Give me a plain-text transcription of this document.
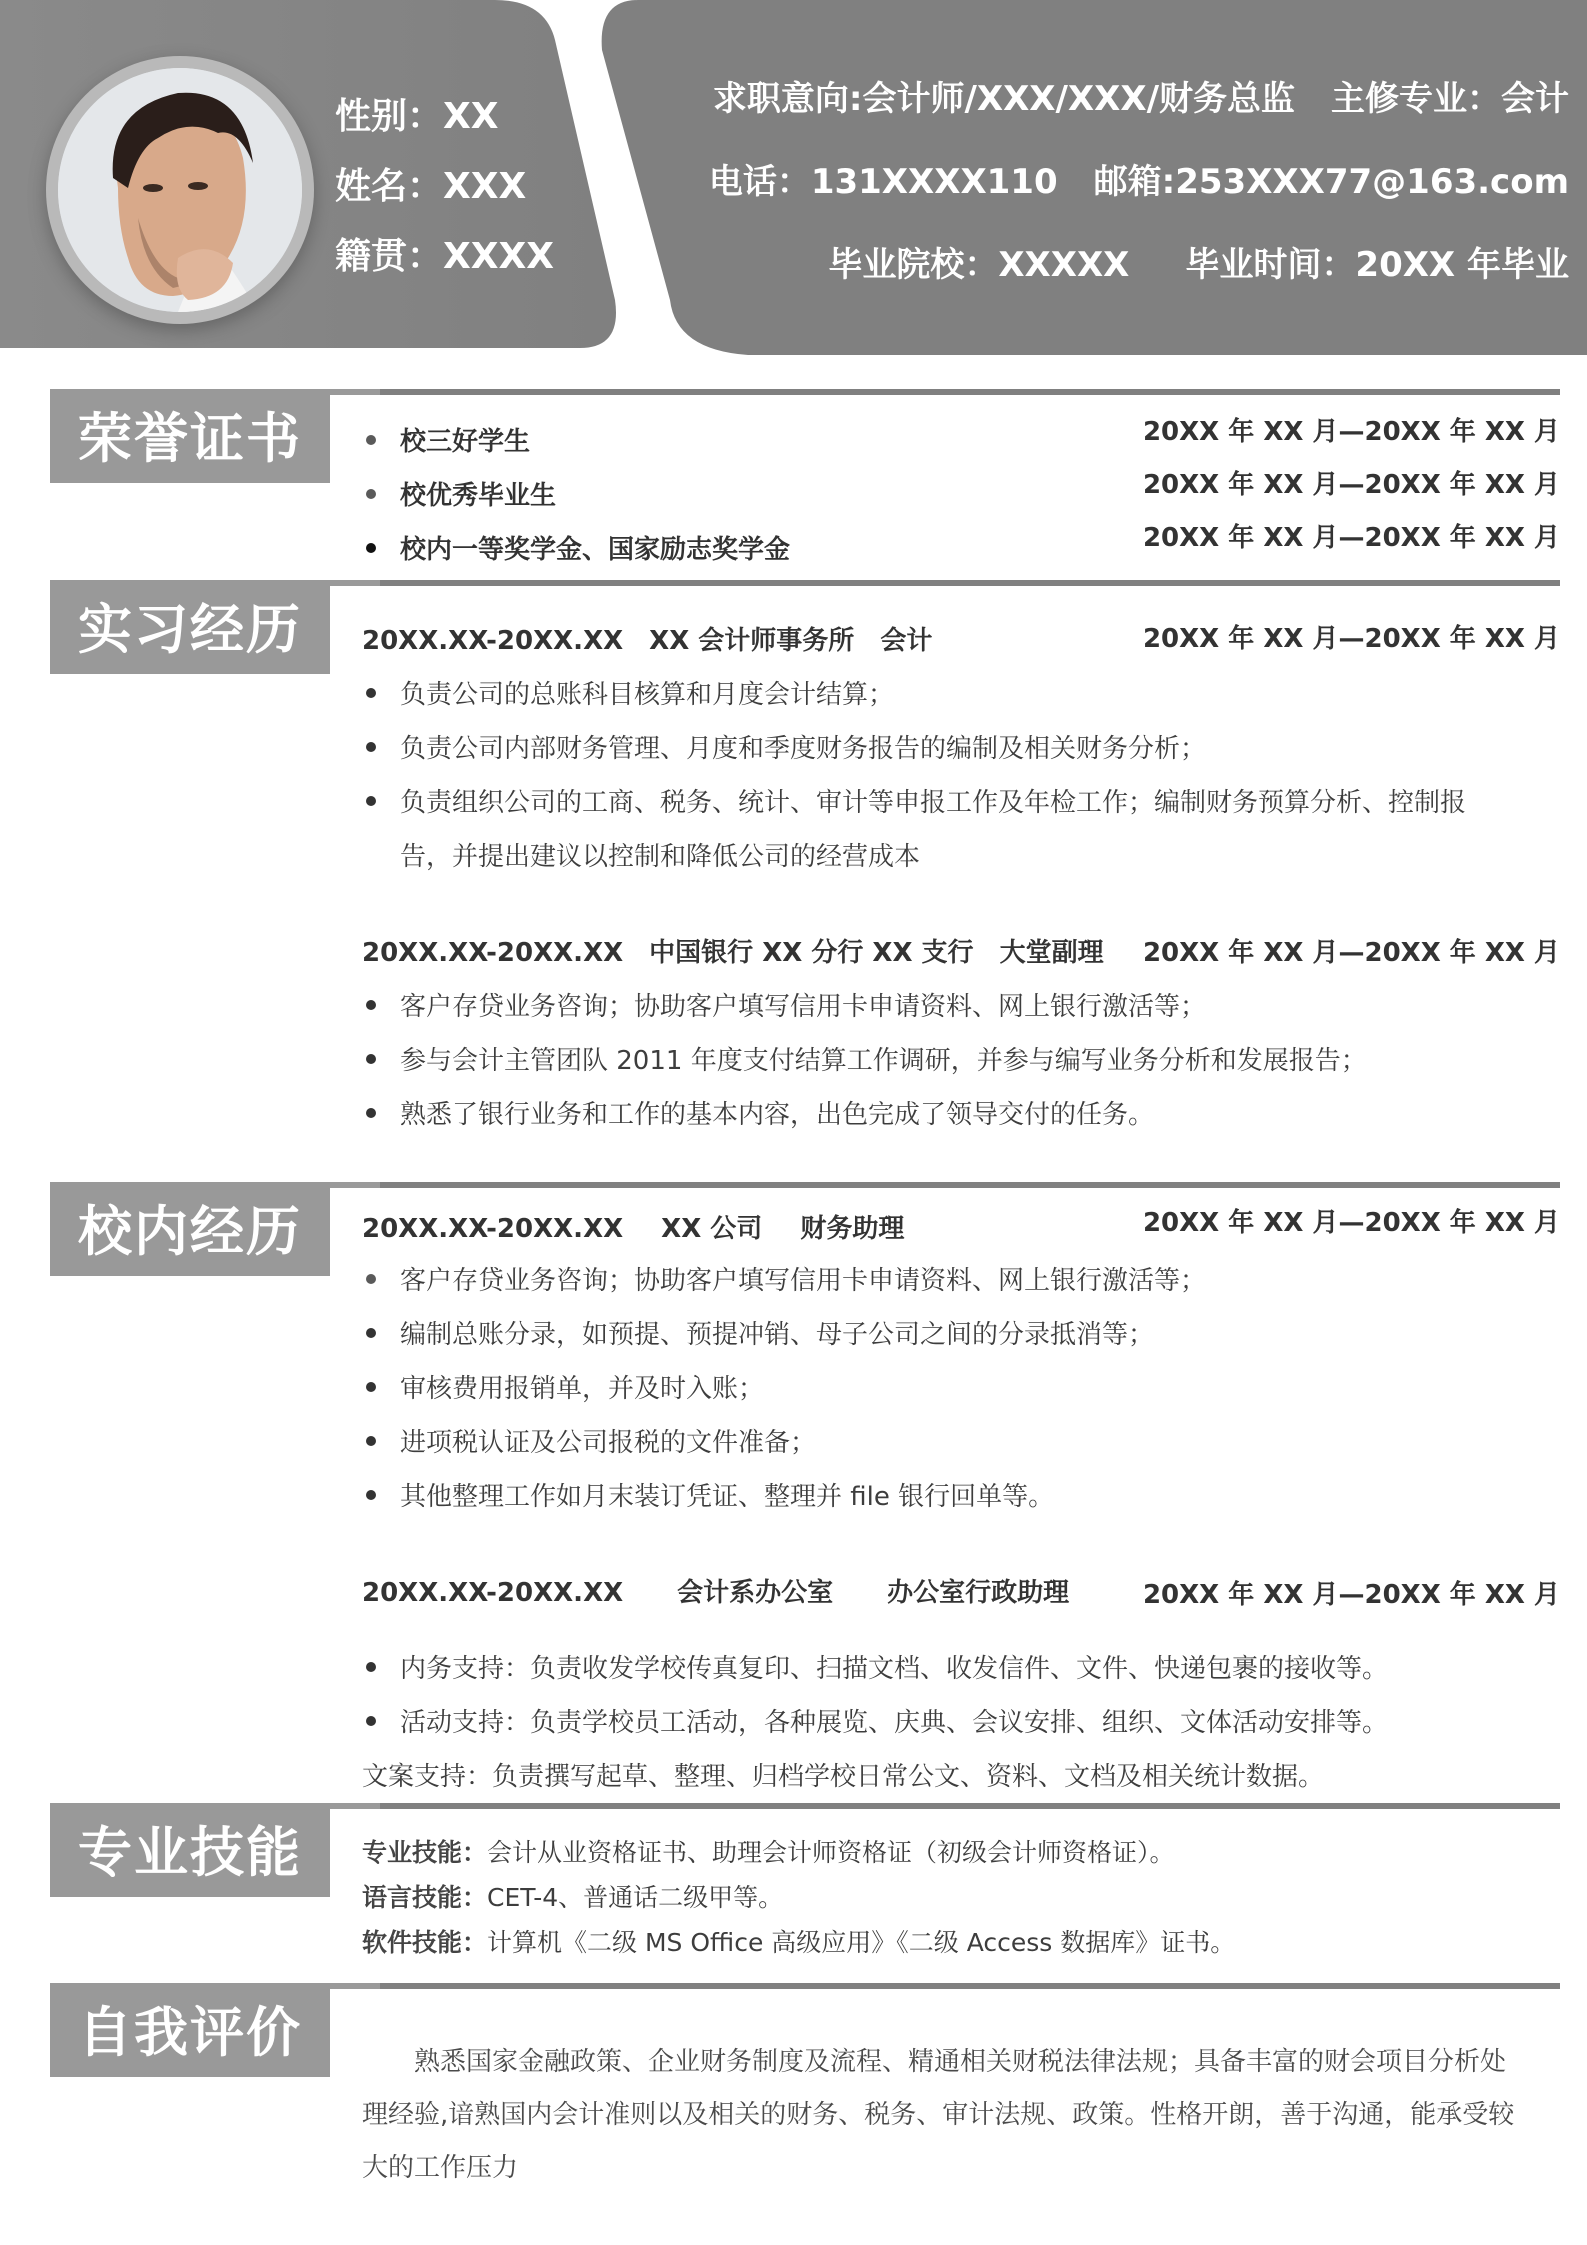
性别：XX
姓名：XXX
籍贯：XXXX
求职意向:会计师/XXX/XXX/财务总监 主修专业：会计
电话：131XXXX110 邮箱:253XXX77@163.com
毕业院校：XXXXX 毕业时间：20XX 年毕业
荣誉证书	校三好学生	20XX 年 XX 月—20XX 年 XX 月
校优秀毕业生	20XX 年 XX 月—20XX 年 XX 月
校内一等奖学金、国家励志奖学金	20XX 年 XX 月—20XX 年 XX 月
实习经历	20XX.XX-20XX.XX XX 会计师事务所 会计	20XX 年 XX 月—20XX 年 XX 月
负责公司的总账科目核算和月度会计结算；
负责公司内部财务管理、月度和季度财务报告的编制及相关财务分析；
负责组织公司的工商、税务、统计、审计等申报工作及年检工作；编制财务预算分析、控制报
告，并提出建议以控制和降低公司的经营成本
20XX.XX-20XX.XX 中国银行 XX 分行 XX 支行 大堂副理 20XX 年 XX 月—20XX 年 XX 月
客户存贷业务咨询；协助客户填写信用卡申请资料、网上银行激活等；
参与会计主管团队 2011 年度支付结算工作调研，并参与编写业务分析和发展报告；
熟悉了银行业务和工作的基本内容，出色完成了领导交付的任务。
校内经历	20XX.XX-20XX.XX XX 公司 财务助理	20XX 年 XX 月—20XX 年 XX 月
客户存贷业务咨询；协助客户填写信用卡申请资料、网上银行激活等；
编制总账分录，如预提、预提冲销、母子公司之间的分录抵消等；
审核费用报销单，并及时入账；
进项税认证及公司报税的文件准备；
其他整理工作如月末装订凭证、整理并 file 银行回单等。
20XX.XX-20XX.XX 会计系办公室 办公室行政助理	20XX 年 XX 月—20XX 年 XX 月
内务支持：负责收发学校传真复印、扫描文档、收发信件、文件、快递包裹的接收等。
活动支持：负责学校员工活动，各种展览、庆典、会议安排、组织、文体活动安排等。
文案支持：负责撰写起草、整理、归档学校日常公文、资料、文档及相关统计数据。
专业技能	专业技能：会计从业资格证书、助理会计师资格证（初级会计师资格证）。
语言技能：CET-4、普通话二级甲等。
软件技能：计算机《二级 MS Office 高级应用》《二级 Access 数据库》证书。
自我评价	熟悉国家金融政策、企业财务制度及流程、精通相关财税法律法规；具备丰富的财会项目分析处
理经验,谙熟国内会计准则以及相关的财务、税务、审计法规、政策。性格开朗，善于沟通，能承受较
大的工作压力
